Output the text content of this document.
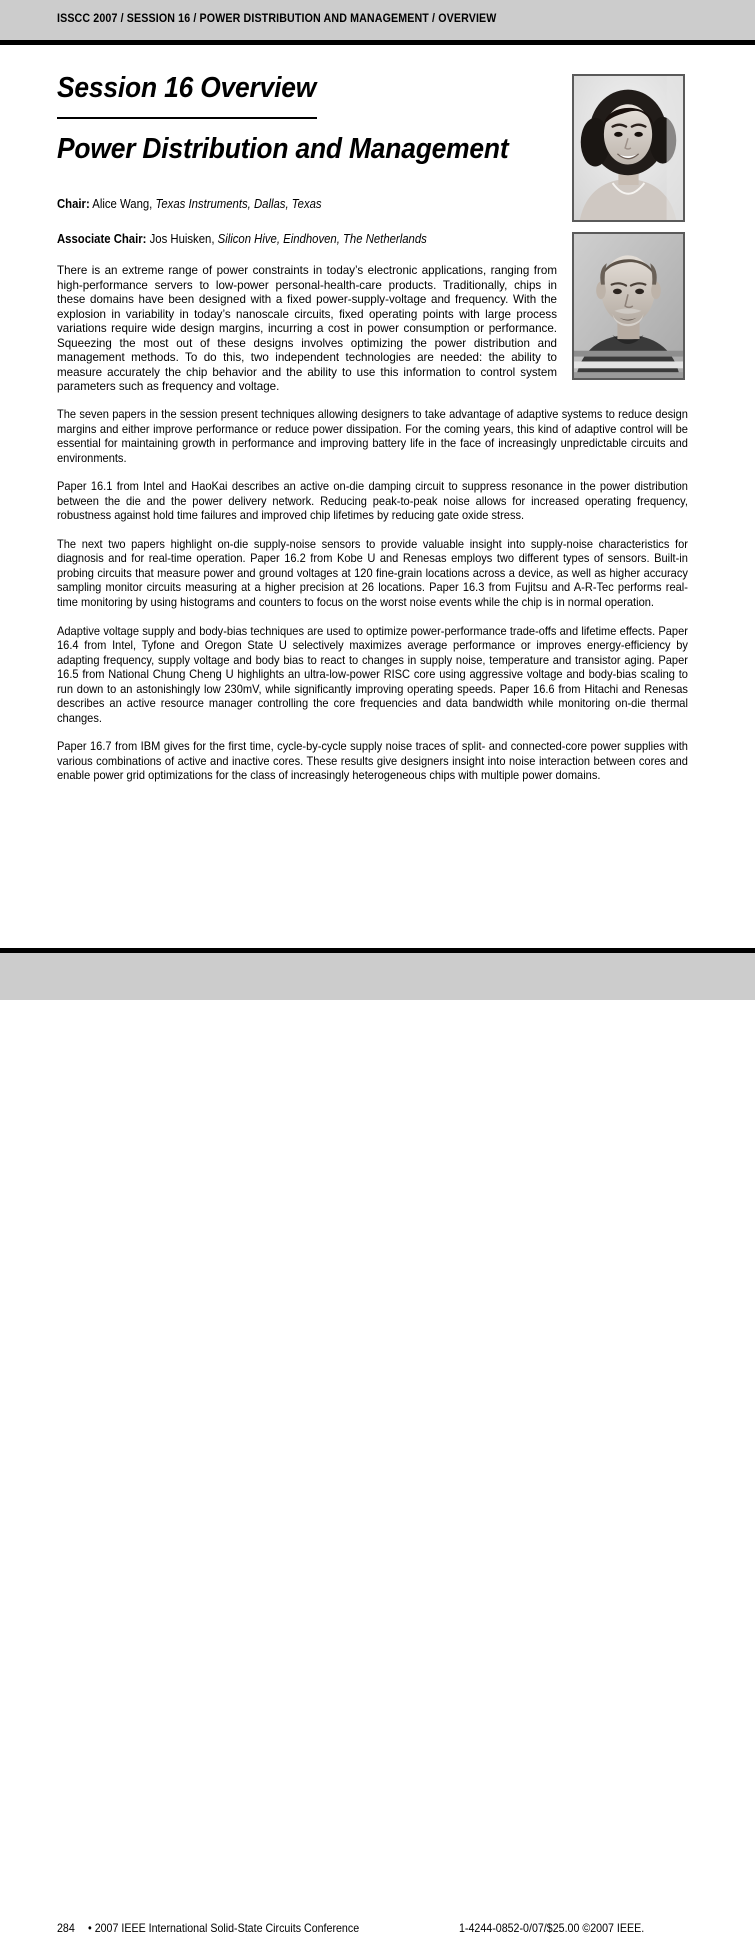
ISSCC 2007 / SESSION 16 / POWER DISTRIBUTION AND MANAGEMENT / OVERVIEW
Session 16 Overview
Power Distribution and Management
Chair: Alice Wang, Texas Instruments, Dallas, Texas
Associate Chair: Jos Huisken, Silicon Hive, Eindhoven, The Netherlands

There is an extreme range of power constraints in today’s electronic applications, ranging from high-performance servers to low-power personal-health-care products. Traditionally, chips in these domains have been designed with a fixed power-supply-voltage and frequency. With the explosion in variability in today’s nanoscale circuits, fixed operating points with large process variations require wide design margins, incurring a cost in power consumption or performance. Squeezing the most out of these designs involves optimizing the power distribution and management methods. To do this, two independent technologies are needed: the ability to measure accurately the chip behavior and the ability to use this information to control system parameters such as frequency and voltage.

The seven papers in the session present techniques allowing designers to take advantage of adaptive systems to reduce design margins and either improve performance or reduce power dissipation. For the coming years, this kind of adaptive control will be essential for maintaining growth in performance and improving battery life in the face of increasingly unpredictable circuits and environments.

Paper 16.1 from Intel and HaoKai describes an active on-die damping circuit to suppress resonance in the power distribution between the die and the power delivery network. Reducing peak-to-peak noise allows for increased operating frequency, robustness against hold time failures and improved chip lifetimes by reducing gate oxide stress.

The next two papers highlight on-die supply-noise sensors to provide valuable insight into supply-noise characteristics for diagnosis and for real-time operation. Paper 16.2 from Kobe U and Renesas employs two different types of sensors. Built-in probing circuits that measure power and ground voltages at 120 fine-grain locations across a device, as well as higher accuracy sampling monitor circuits measuring at a higher precision at 26 locations. Paper 16.3 from Fujitsu and A-R-Tec performs real-time monitoring by using histograms and counters to focus on the worst noise events while the chip is in normal operation.

Adaptive voltage supply and body-bias techniques are used to optimize power-performance trade-offs and lifetime effects. Paper 16.4 from Intel, Tyfone and Oregon State U selectively maximizes average performance or improves energy-efficiency by adapting frequency, supply voltage and body bias to react to changes in supply noise, temperature and transistor aging. Paper 16.5 from National Chung Cheng U highlights an ultra-low-power RISC core using aggressive voltage and body-bias scaling to run down to an astonishingly low 230mV, while significantly improving operating speeds. Paper 16.6 from Hitachi and Renesas describes an active resource manager controlling the core frequencies and data bandwidth while monitoring on-die thermal changes.

Paper 16.7 from IBM gives for the first time, cycle-by-cycle supply noise traces of split- and connected-core power supplies with various combinations of active and inactive cores. These results give designers insight into noise interaction between cores and enable power grid optimizations for the class of increasingly heterogeneous chips with multiple power domains.

284 • 2007 IEEE International Solid-State Circuits Conference	1-4244-0852-0/07/$25.00 ©2007 IEEE.
